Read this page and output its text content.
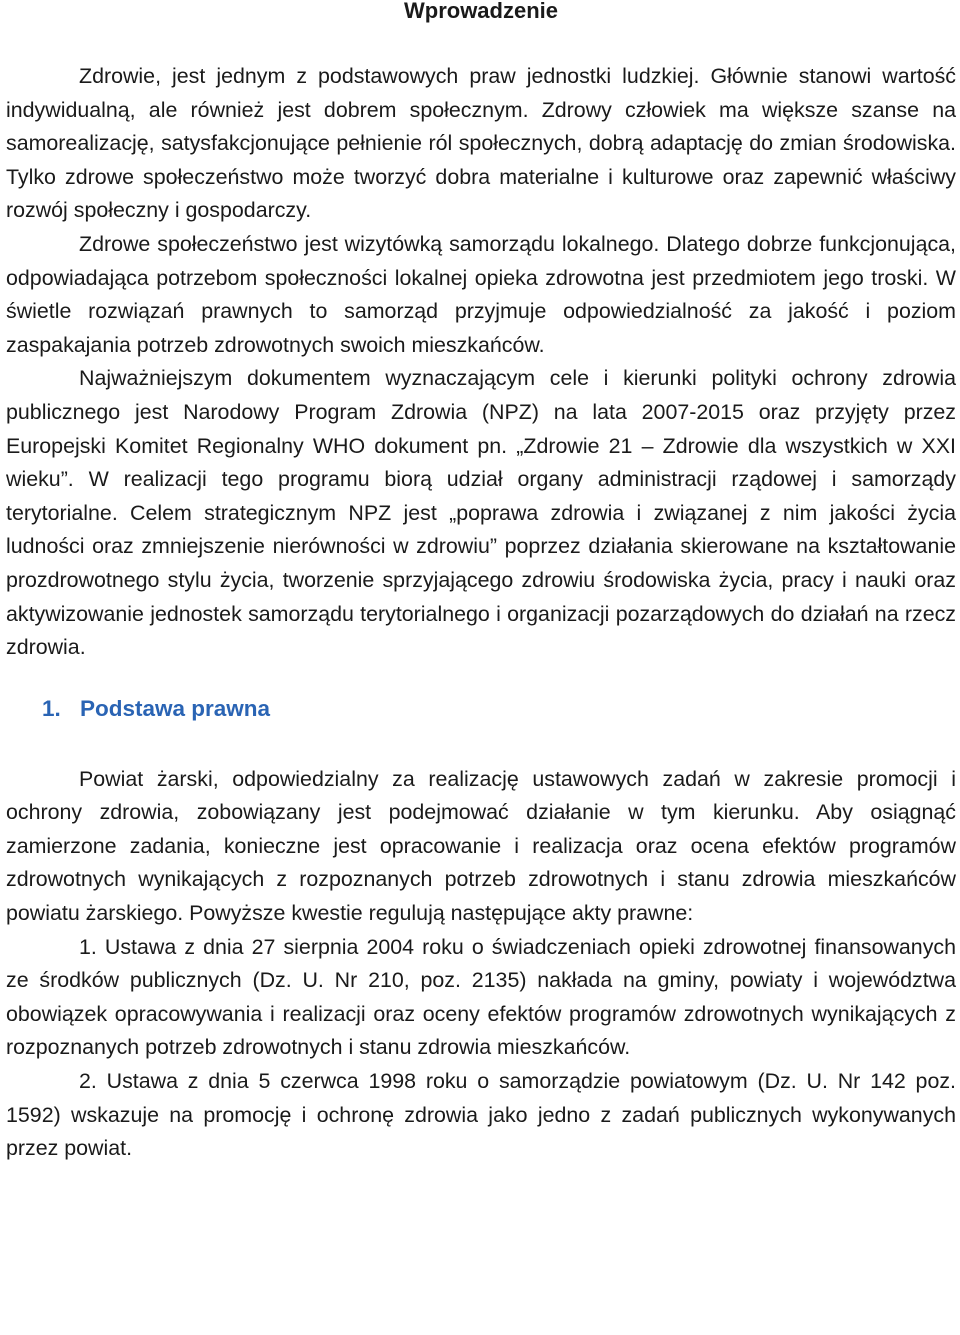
Wprowadzenie

Zdrowie, jest jednym z podstawowych praw jednostki ludzkiej. Głównie stanowi wartość indywidualną, ale również jest dobrem społecznym. Zdrowy człowiek ma większe szanse na samorealizację, satysfakcjonujące pełnienie ról społecznych, dobrą adaptację do zmian środowiska. Tylko zdrowe społeczeństwo może tworzyć dobra materialne i kulturowe oraz zapewnić właściwy rozwój społeczny i gospodarczy.

Zdrowe społeczeństwo jest wizytówką samorządu lokalnego. Dlatego dobrze funkcjonująca, odpowiadająca potrzebom społeczności lokalnej opieka zdrowotna jest przedmiotem jego troski. W świetle rozwiązań prawnych to samorząd przyjmuje odpowiedzialność za jakość i poziom zaspakajania potrzeb zdrowotnych swoich mieszkańców.

Najważniejszym dokumentem wyznaczającym cele i kierunki polityki ochrony zdrowia publicznego jest Narodowy Program Zdrowia (NPZ) na lata 2007-2015 oraz przyjęty przez Europejski Komitet Regionalny WHO dokument pn. „Zdrowie 21 – Zdrowie dla wszystkich w XXI wieku”. W realizacji tego programu biorą udział organy administracji rządowej i samorządy terytorialne. Celem strategicznym NPZ jest „poprawa zdrowia i związanej z nim jakości życia ludności oraz zmniejszenie nierówności w zdrowiu” poprzez działania skierowane na kształtowanie prozdrowotnego stylu życia, tworzenie sprzyjającego zdrowiu środowiska życia, pracy i nauki oraz aktywizowanie jednostek samorządu terytorialnego i organizacji pozarządowych do działań na rzecz zdrowia.

1. Podstawa prawna

Powiat żarski, odpowiedzialny za realizację ustawowych zadań w zakresie promocji i ochrony zdrowia, zobowiązany jest podejmować działanie w tym kierunku. Aby osiągnąć zamierzone zadania, konieczne jest opracowanie i realizacja oraz ocena efektów programów zdrowotnych wynikających z rozpoznanych potrzeb zdrowotnych i stanu zdrowia mieszkańców powiatu żarskiego. Powyższe kwestie regulują następujące akty prawne:

1. Ustawa z dnia 27 sierpnia 2004 roku o świadczeniach opieki zdrowotnej finansowanych ze środków publicznych (Dz. U. Nr 210, poz. 2135) nakłada na gminy, powiaty i województwa obowiązek opracowywania i realizacji oraz oceny efektów programów zdrowotnych wynikających z rozpoznanych potrzeb zdrowotnych i stanu zdrowia mieszkańców.

2. Ustawa z dnia 5 czerwca 1998 roku o samorządzie powiatowym (Dz. U. Nr 142 poz. 1592) wskazuje na promocję i ochronę zdrowia jako jedno z zadań publicznych wykonywanych przez powiat.
